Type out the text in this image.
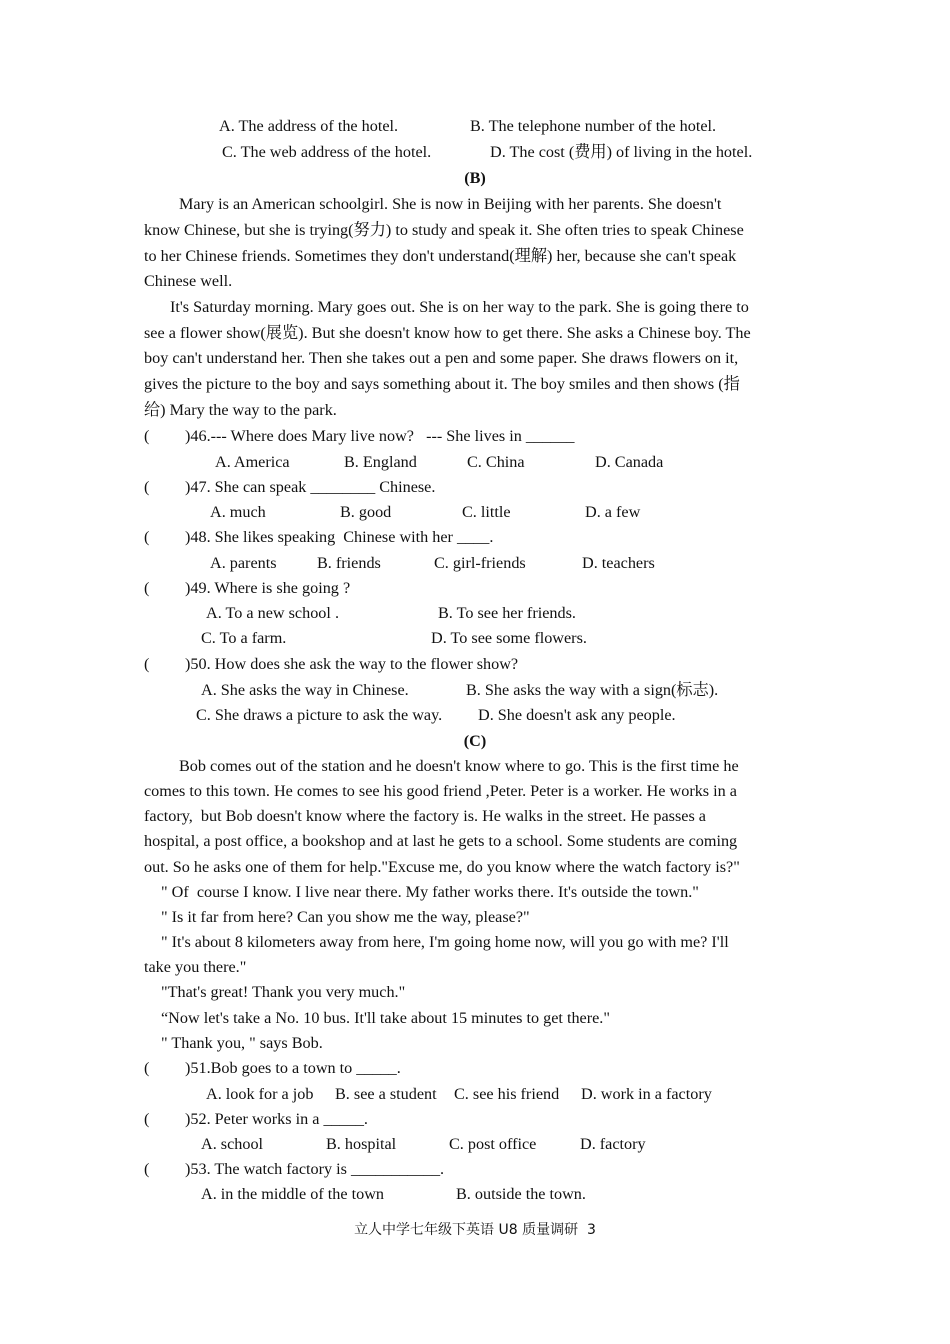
A. The address of the hotel.	B. The telephone number of the hotel.
C. The web address of the hotel.	D. The cost (费用) of living in the hotel.
(B)
Mary is an American schoolgirl. She is now in Beijing with her parents. She doesn't
know Chinese, but she is trying(努力) to study and speak it. She often tries to speak Chinese
to her Chinese friends. Sometimes they don't understand(理解) her, because she can't speak
Chinese well.
It's Saturday morning. Mary goes out. She is on her way to the park. She is going there to
see a flower show(展览). But she doesn't know how to get there. She asks a Chinese boy. The
boy can't understand her. Then she takes out a pen and some paper. She draws flowers on it,
gives the picture to the boy and says something about it. The boy smiles and then shows (指
给) Mary the way to the park.
( )46.--- Where does Mary live now?   --- She lives in ______
A. America	B. England	C. China	D. Canada
( )47. She can speak ________ Chinese.
A. much	B. good	C. little	D. a few
( )48. She likes speaking  Chinese with her ____.
A. parents B. friends	C. girl-friends	D. teachers
( )49. Where is she going ?
A. To a new school .	B. To see her friends.
C. To a farm.	D. To see some flowers.
( )50. How does she ask the way to the flower show?
A. She asks the way in Chinese.	B. She asks the way with a sign(标志).
C. She draws a picture to ask the way. D. She doesn't ask any people.
(C)
Bob comes out of the station and he doesn't know where to go. This is the first time he
comes to this town. He comes to see his good friend ,Peter. Peter is a worker. He works in a
factory,  but Bob doesn't know where the factory is. He walks in the street. He passes a
hospital, a post office, a bookshop and at last he gets to a school. Some students are coming
out. So he asks one of them for help."Excuse me, do you know where the watch factory is?"
" Of  course I know. I live near there. My father works there. It's outside the town."
" Is it far from here? Can you show me the way, please?"
" It's about 8 kilometers away from here, I'm going home now, will you go with me? I'll
take you there."
"That's great! Thank you very much."
“Now let's take a No. 10 bus. It'll take about 15 minutes to get there."
" Thank you, " says Bob.
( )51.Bob goes to a town to _____.
A. look for a job B. see a student C. see his friend D. work in a factory
( )52. Peter works in a _____.
A. school	B. hospital	C. post office	D. factory
( )53. The watch factory is ___________.
A. in the middle of the town	B. outside the town.
立人中学七年级下英语 U8 质量调研  3
